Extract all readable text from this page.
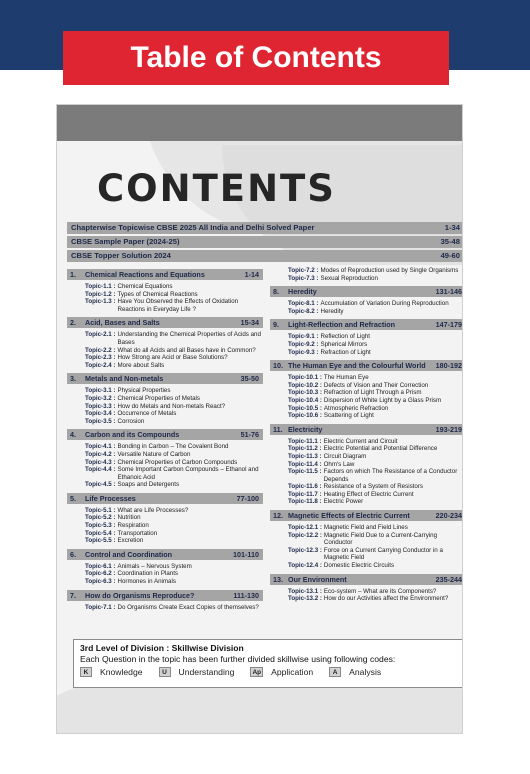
Table of Contents
CONTENTS
Chapterwise Topicwise CBSE 2025 All India and Delhi Solved Paper	1-34
CBSE Sample Paper (2024-25)	35-48
CBSE Topper Solution 2024	49-60
1. Chemical Reactions and Equations	1-14
Topic-1.1 : Chemical Equations
Topic-1.2 : Types of Chemical Reactions
Topic-1.3 : Have You Observed the Effects of Oxidation Reactions in Everyday Life ?
2. Acid, Bases and Salts	15-34
Topic-2.1 : Understanding the Chemical Properties of Acids and Bases
Topic-2.2 : What do all Acids and all Bases have in Common?
Topic-2.3 : How Strong are Acid or Base Solutions?
Topic-2.4 : More about Salts
3. Metals and Non-metals	35-50
Topic-3.1 : Physical Properties
Topic-3.2 : Chemical Properties of Metals
Topic-3.3 : How do Metals and Non-metals React?
Topic-3.4 : Occurrence of Metals
Topic-3.5 : Corrosion
4. Carbon and its Compounds	51-76
Topic-4.1 : Bonding in Carbon – The Covalent Bond
Topic-4.2 : Versatile Nature of Carbon
Topic-4.3 : Chemical Properties of Carbon Compounds
Topic-4.4 : Some Important Carbon Compounds – Ethanol and Ethanoic Acid
Topic-4.5 : Soaps and Detergents
5. Life Processes	77-100
Topic-5.1 : What are Life Processes?
Topic-5.2 : Nutrition
Topic-5.3 : Respiration
Topic-5.4 : Transportation
Topic-5.5 : Excretion
6. Control and Coordination	101-110
Topic-6.1 : Animals – Nervous System
Topic-6.2 : Coordination in Plants
Topic-6.3 : Hormones in Animals
7. How do Organisms Reproduce?	111-130
Topic-7.1 : Do Organisms Create Exact Copies of themselves?
Topic-7.2 : Modes of Reproduction used by Single Organisms
Topic-7.3 : Sexual Reproduction
8. Heredity	131-146
Topic-8.1 : Accumulation of Variation During Reproduction
Topic-8.2 : Heredity
9. Light-Reflection and Refraction	147-179
Topic-9.1 : Reflection of Light
Topic-9.2 : Spherical Mirrors
Topic-9.3 : Refraction of Light
10. The Human Eye and the Colourful World 180-192
Topic-10.1 : The Human Eye
Topic-10.2 : Defects of Vision and Their Correction
Topic-10.3 : Refraction of Light Through a Prism
Topic-10.4 : Dispersion of White Light by a Glass Prism
Topic-10.5 : Atmospheric Refraction
Topic-10.6 : Scattering of Light
11. Electricity	193-219
Topic-11.1 : Electric Current and Circuit
Topic-11.2 : Electric Potential and Potential Difference
Topic-11.3 : Circuit Diagram
Topic-11.4 : Ohm's Law
Topic-11.5 : Factors on which The Resistance of a Conductor Depends
Topic-11.6 : Resistance of a System of Resistors
Topic-11.7 : Heating Effect of Electric Current
Topic-11.8 : Electric Power
12. Magnetic Effects of Electric Current	220-234
Topic-12.1 : Magnetic Field and Field Lines
Topic-12.2 : Magnetic Field Due to a Current-Carrying Conductor
Topic-12.3 : Force on a Current Carrying Conductor in a Magnetic Field
Topic-12.4 : Domestic Electric Circuits
13. Our Environment	235-244
Topic-13.1 : Eco-system – What are its Components?
Topic-13.2 : How do our Activities affect the Environment?
3rd Level of Division : Skillwise Division
Each Question in the topic has been further divided skillwise using following codes:
K	Knowledge	U	Understanding	Ap Application	A	Analysis
